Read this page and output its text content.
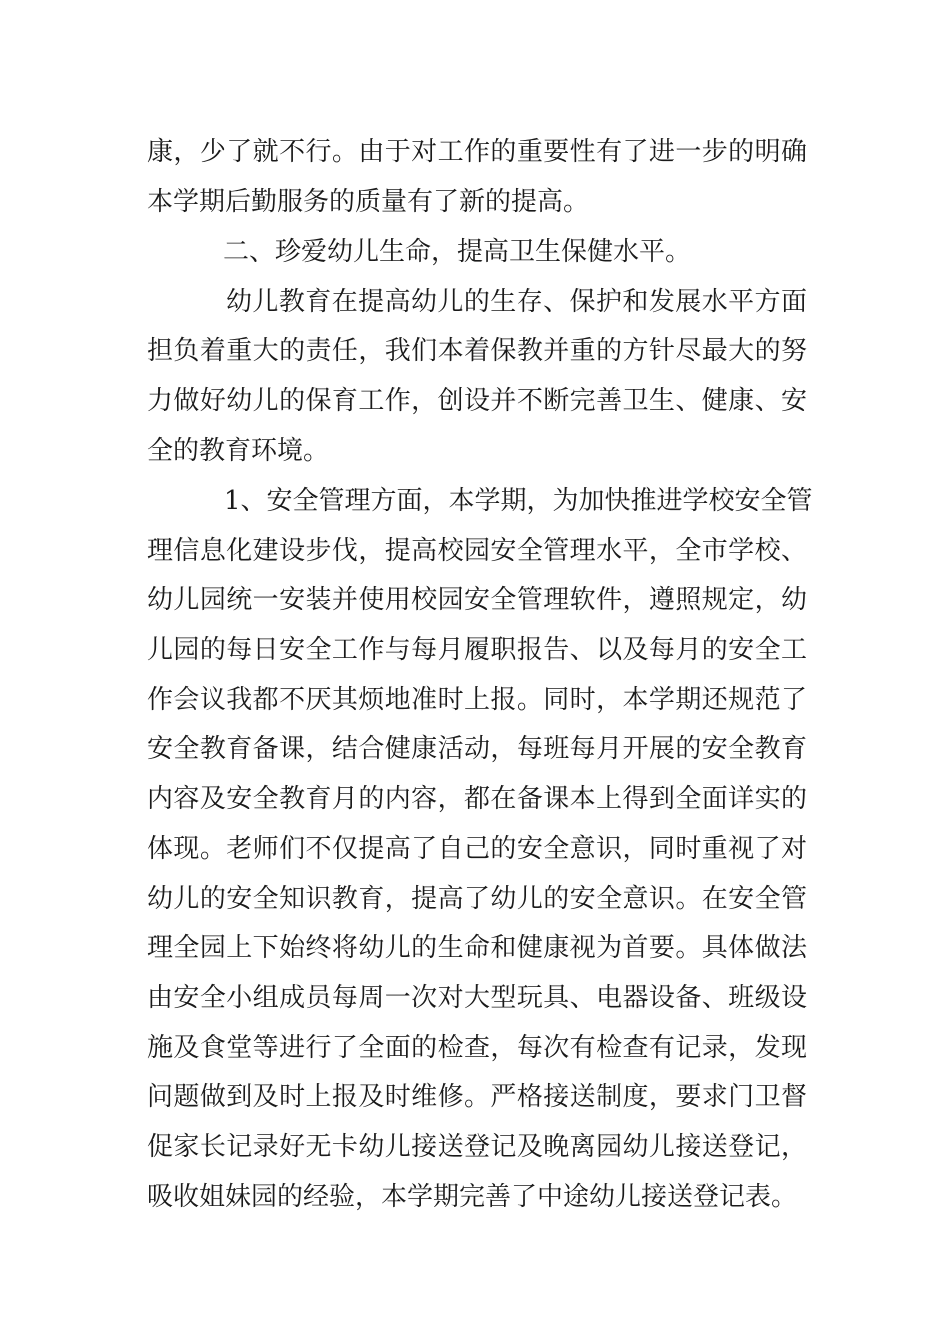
康，少了就不行。由于对工作的重要性有了进一步的明确
本学期后勤服务的质量有了新的提高。
二、珍爱幼儿生命，提高卫生保健水平。
幼儿教育在提高幼儿的生存、保护和发展水平方面
担负着重大的责任，我们本着保教并重的方针尽最大的努
力做好幼儿的保育工作，创设并不断完善卫生、健康、安
全的教育环境。
1、安全管理方面，本学期，为加快推进学校安全管
理信息化建设步伐，提高校园安全管理水平，全市学校、
幼儿园统一安装并使用校园安全管理软件，遵照规定，幼
儿园的每日安全工作与每月履职报告、以及每月的安全工
作会议我都不厌其烦地准时上报。同时，本学期还规范了
安全教育备课，结合健康活动，每班每月开展的安全教育
内容及安全教育月的内容，都在备课本上得到全面详实的
体现。老师们不仅提高了自己的安全意识，同时重视了对
幼儿的安全知识教育，提高了幼儿的安全意识。在安全管
理全园上下始终将幼儿的生命和健康视为首要。具体做法
由安全小组成员每周一次对大型玩具、电器设备、班级设
施及食堂等进行了全面的检查，每次有检查有记录，发现
问题做到及时上报及时维修。严格接送制度，要求门卫督
促家长记录好无卡幼儿接送登记及晚离园幼儿接送登记，
吸收姐妹园的经验，本学期完善了中途幼儿接送登记表。
